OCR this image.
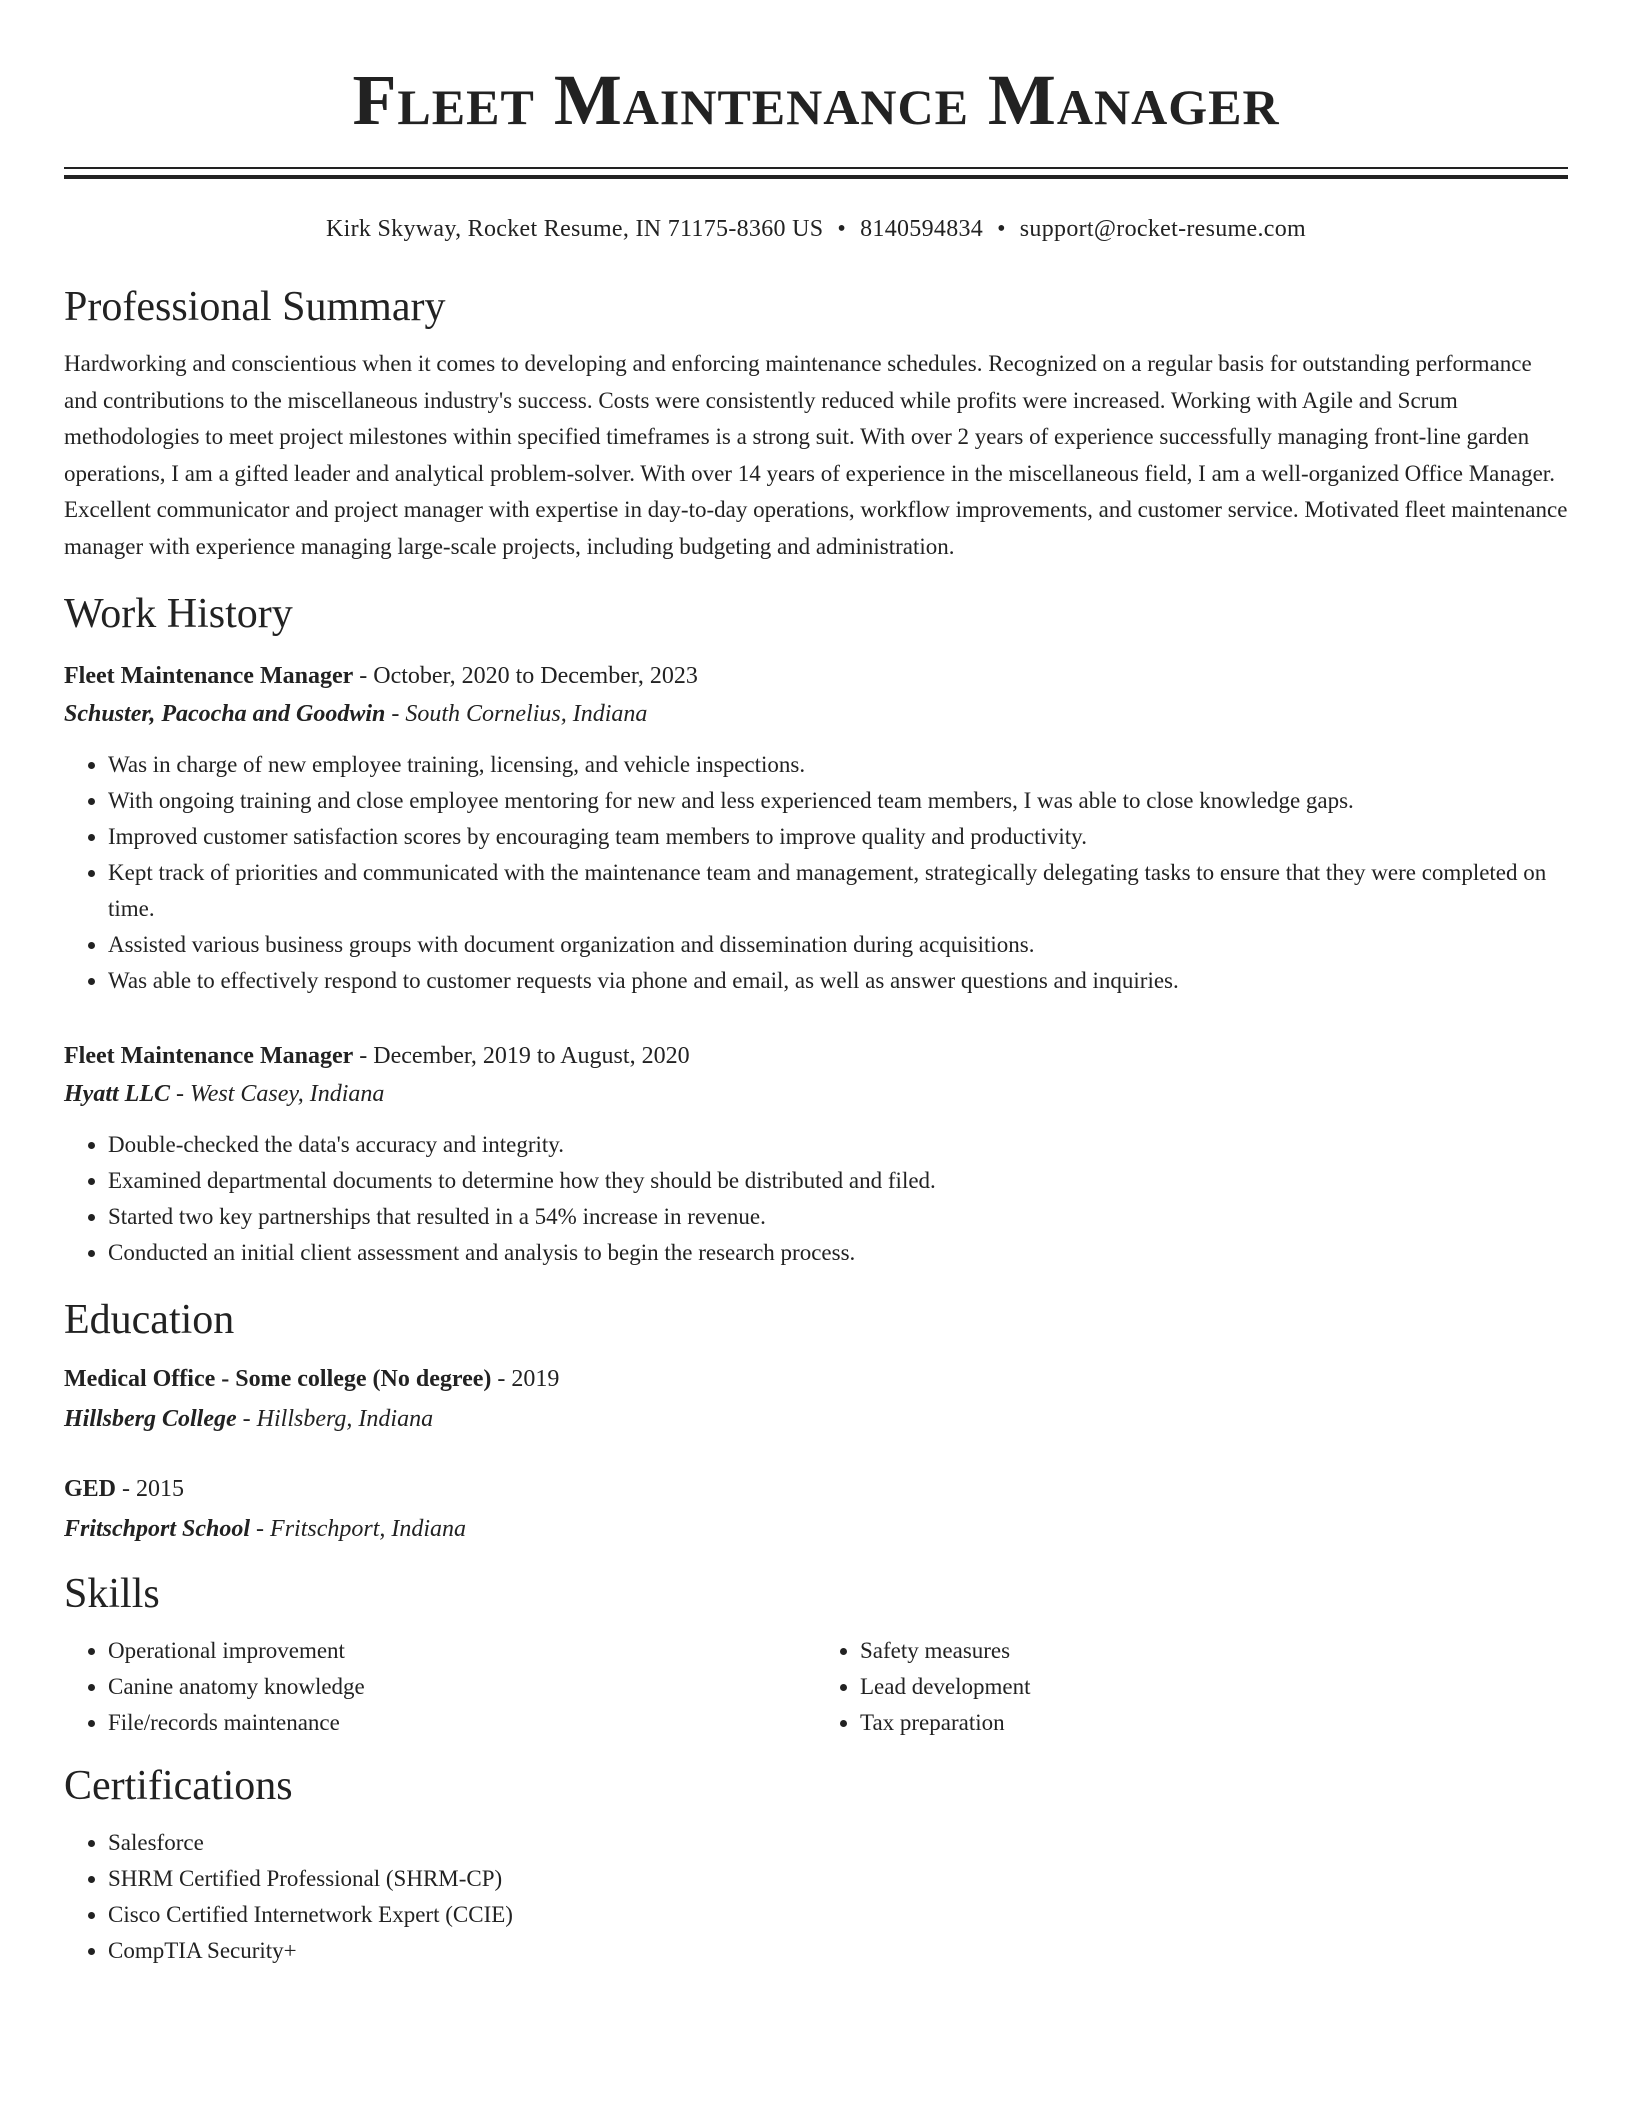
Fleet Maintenance Manager
Kirk Skyway, Rocket Resume, IN 71175-8360 US • 8140594834 • support@rocket-resume.com
Professional Summary
Hardworking and conscientious when it comes to developing and enforcing maintenance schedules. Recognized on a regular basis for outstanding performance and contributions to the miscellaneous industry's success. Costs were consistently reduced while profits were increased. Working with Agile and Scrum methodologies to meet project milestones within specified timeframes is a strong suit. With over 2 years of experience successfully managing front-line garden operations, I am a gifted leader and analytical problem-solver. With over 14 years of experience in the miscellaneous field, I am a well-organized Office Manager. Excellent communicator and project manager with expertise in day-to-day operations, workflow improvements, and customer service. Motivated fleet maintenance manager with experience managing large-scale projects, including budgeting and administration.
Work History
Fleet Maintenance Manager - October, 2020 to December, 2023
Schuster, Pacocha and Goodwin - South Cornelius, Indiana
• Was in charge of new employee training, licensing, and vehicle inspections.
• With ongoing training and close employee mentoring for new and less experienced team members, I was able to close knowledge gaps.
• Improved customer satisfaction scores by encouraging team members to improve quality and productivity.
• Kept track of priorities and communicated with the maintenance team and management, strategically delegating tasks to ensure that they were completed on time.
• Assisted various business groups with document organization and dissemination during acquisitions.
• Was able to effectively respond to customer requests via phone and email, as well as answer questions and inquiries.
Fleet Maintenance Manager - December, 2019 to August, 2020
Hyatt LLC - West Casey, Indiana
• Double-checked the data's accuracy and integrity.
• Examined departmental documents to determine how they should be distributed and filed.
• Started two key partnerships that resulted in a 54% increase in revenue.
• Conducted an initial client assessment and analysis to begin the research process.
Education
Medical Office - Some college (No degree) - 2019
Hillsberg College - Hillsberg, Indiana
GED - 2015
Fritschport School - Fritschport, Indiana
Skills
• Operational improvement
• Canine anatomy knowledge
• File/records maintenance
• Safety measures
• Lead development
• Tax preparation
Certifications
• Salesforce
• SHRM Certified Professional (SHRM-CP)
• Cisco Certified Internetwork Expert (CCIE)
• CompTIA Security+
